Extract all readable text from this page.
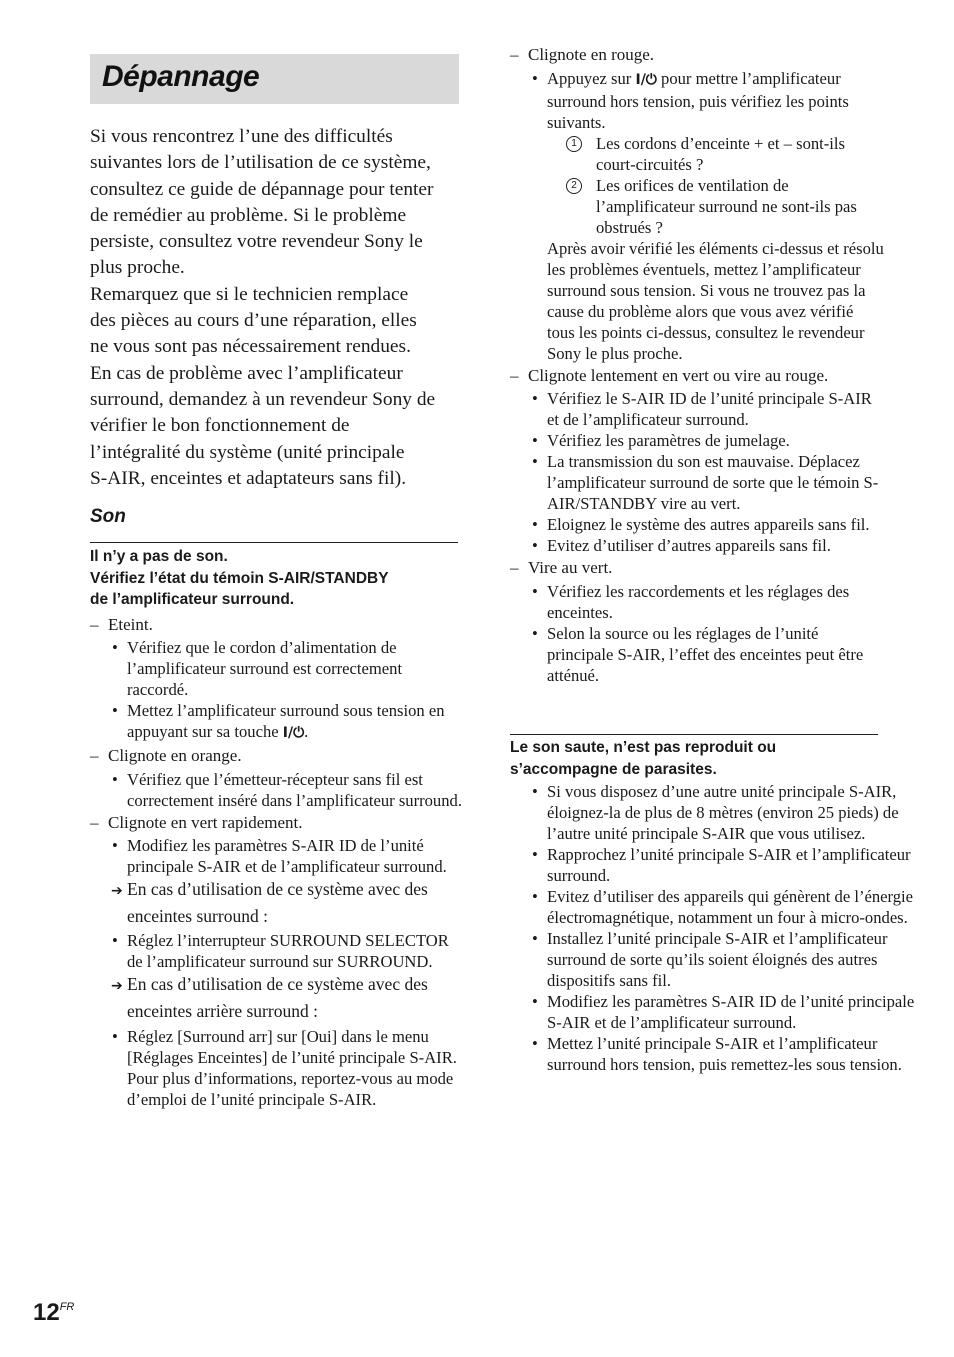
Dépannage

Si vous rencontrez l’une des difficultés

suivantes lors de l’utilisation de ce système,

consultez ce guide de dépannage pour tenter

de remédier au problème. Si le problème

persiste, consultez votre revendeur Sony le

plus proche.

Remarquez que si le technicien remplace

des pièces au cours d’une réparation, elles

ne vous sont pas nécessairement rendues.

En cas de problème avec l’amplificateur

surround, demandez à un revendeur Sony de

vérifier le bon fonctionnement de

l’intégralité du système (unité principale

S-AIR, enceintes et adaptateurs sans fil).

Son
Il n’y a pas de son.
Vérifiez l’état du témoin S-AIR/STANDBY
de l’amplificateur surround.
– Eteint.
• Vérifiez que le cordon d’alimentation de l’amplificateur surround est correctement raccordé.
• Mettez l’amplificateur surround sous tension en appuyant sur sa touche I/⏻.
– Clignote en orange.
• Vérifiez que l’émetteur-récepteur sans fil est correctement inséré dans l’amplificateur surround.
– Clignote en vert rapidement.
• Modifiez les paramètres S-AIR ID de l’unité principale S-AIR et de l’amplificateur surround.
➔ En cas d’utilisation de ce système avec des enceintes surround :
• Réglez l’interrupteur SURROUND SELECTOR de l’amplificateur surround sur SURROUND.
➔ En cas d’utilisation de ce système avec des enceintes arrière surround :
• Réglez [Surround arr] sur [Oui] dans le menu [Réglages Enceintes] de l’unité principale S-AIR. Pour plus d’informations, reportez-vous au mode d’emploi de l’unité principale S-AIR.
– Clignote en rouge.
• Appuyez sur I/⏻ pour mettre l’amplificateur surround hors tension, puis vérifiez les points suivants.
1	Les cordons d’enceinte + et – sont-ils court-circuités ?
2	Les orifices de ventilation de l’amplificateur surround ne sont-ils pas obstrués ?
Après avoir vérifié les éléments ci-dessus et résolu les problèmes éventuels, mettez l’amplificateur surround sous tension. Si vous ne trouvez pas la cause du problème alors que vous avez vérifié tous les points ci-dessus, consultez le revendeur Sony le plus proche.
– Clignote lentement en vert ou vire au rouge.
• Vérifiez le S-AIR ID de l’unité principale S-AIR et de l’amplificateur surround.
• Vérifiez les paramètres de jumelage.
• La transmission du son est mauvaise. Déplacez l’amplificateur surround de sorte que le témoin S-AIR/STANDBY vire au vert.
• Eloignez le système des autres appareils sans fil.
• Evitez d’utiliser d’autres appareils sans fil.
– Vire au vert.
• Vérifiez les raccordements et les réglages des enceintes.
• Selon la source ou les réglages de l’unité principale S-AIR, l’effet des enceintes peut être atténué.
Le son saute, n’est pas reproduit ou
s’accompagne de parasites.
• Si vous disposez d’une autre unité principale S-AIR, éloignez-la de plus de 8 mètres (environ 25 pieds) de l’autre unité principale S-AIR que vous utilisez.
• Rapprochez l’unité principale S-AIR et l’amplificateur surround.
• Evitez d’utiliser des appareils qui génèrent de l’énergie électromagnétique, notamment un four à micro-ondes.
• Installez l’unité principale S-AIR et l’amplificateur surround de sorte qu’ils soient éloignés des autres dispositifs sans fil.
• Modifiez les paramètres S-AIR ID de l’unité principale S-AIR et de l’amplificateur surround.
• Mettez l’unité principale S-AIR et l’amplificateur surround hors tension, puis remettez-les sous tension.
$12^{FR}$
